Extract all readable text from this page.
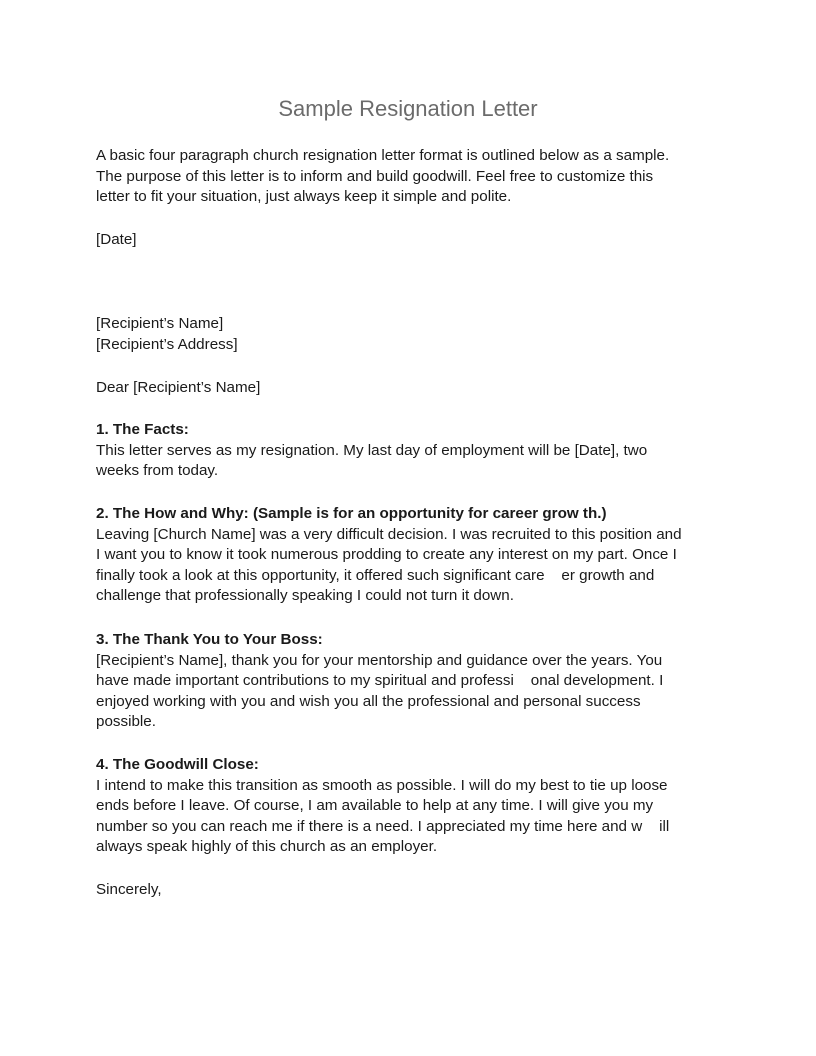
Sample Resignation Letter
A basic four paragraph church resignation letter format is outlined below as a sample.
The purpose of this letter is to inform and build goodwill. Feel free to customize this
letter to fit your situation, just always keep it simple and polite.
[Date]
[Recipient’s Name]
[Recipient’s Address]
Dear [Recipient’s Name]
1. The Facts:
This letter serves as my resignation. My last day of employment will be [Date], two
weeks from today.
2. The How and Why: (Sample is for an opportunity for career grow th.)
Leaving [Church Name] was a very difficult decision. I was recruited to this position and
I want you to know it took numerous prodding to create any interest on my part. Once I
finally took a look at this opportunity, it offered such significant care    er growth and
challenge that professionally speaking I could not turn it down.
3. The Thank You to Your Boss:
[Recipient’s Name], thank you for your mentorship and guidance over the years. You
have made important contributions to my spiritual and professi    onal development. I
enjoyed working with you and wish you all the professional and personal success
possible.
4. The Goodwill Close:
I intend to make this transition as smooth as possible. I will do my best to tie up loose
ends before I leave. Of course, I am available to help at any time. I will give you my
number so you can reach me if there is a need. I appreciated my time here and w    ill
always speak highly of this church as an employer.
Sincerely,
